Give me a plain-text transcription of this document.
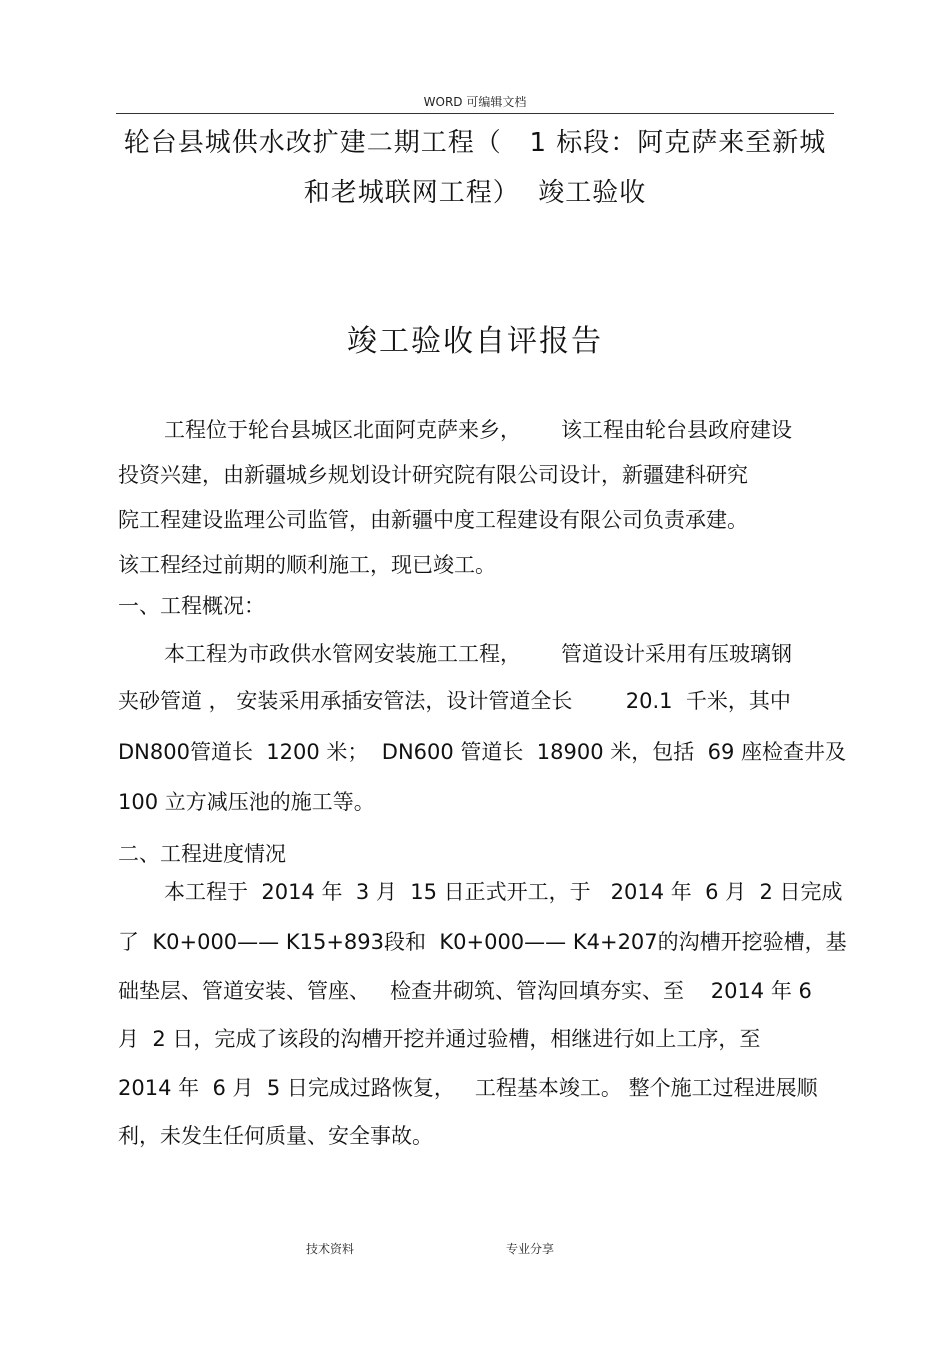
WORD 可编辑文档
轮台县城供水改扩建二期工程（   1 标段：阿克萨来至新城
和老城联网工程）  竣工验收
竣工验收自评报告
工程位于轮台县城区北面阿克萨来乡，      该工程由轮台县政府建设
投资兴建，由新疆城乡规划设计研究院有限公司设计，新疆建科研究
院工程建设监理公司监管，由新疆中度工程建设有限公司负责承建。
该工程经过前期的顺利施工，现已竣工。
一、工程概况：
本工程为市政供水管网安装施工工程，      管道设计采用有压玻璃钢
夹砂管道 ， 安装采用承插安管法，设计管道全长        20.1  千米，其中
DN800管道长  1200 米；  DN600 管道长  18900 米，包括  69 座检查井及
100 立方减压池的施工等。
二、工程进度情况
本工程于  2014 年  3 月  15 日正式开工，于   2014 年  6 月  2 日完成
了  K0+000—— K15+893段和  K0+000—— K4+207的沟槽开挖验槽，基
础垫层、管道安装、管座、   检查井砌筑、管沟回填夯实、至    2014 年 6
月  2 日，完成了该段的沟槽开挖并通过验槽，相继进行如上工序，至
2014 年  6 月  5 日完成过路恢复，   工程基本竣工。 整个施工过程进展顺
利，未发生任何质量、安全事故。
技术资料	专业分享
